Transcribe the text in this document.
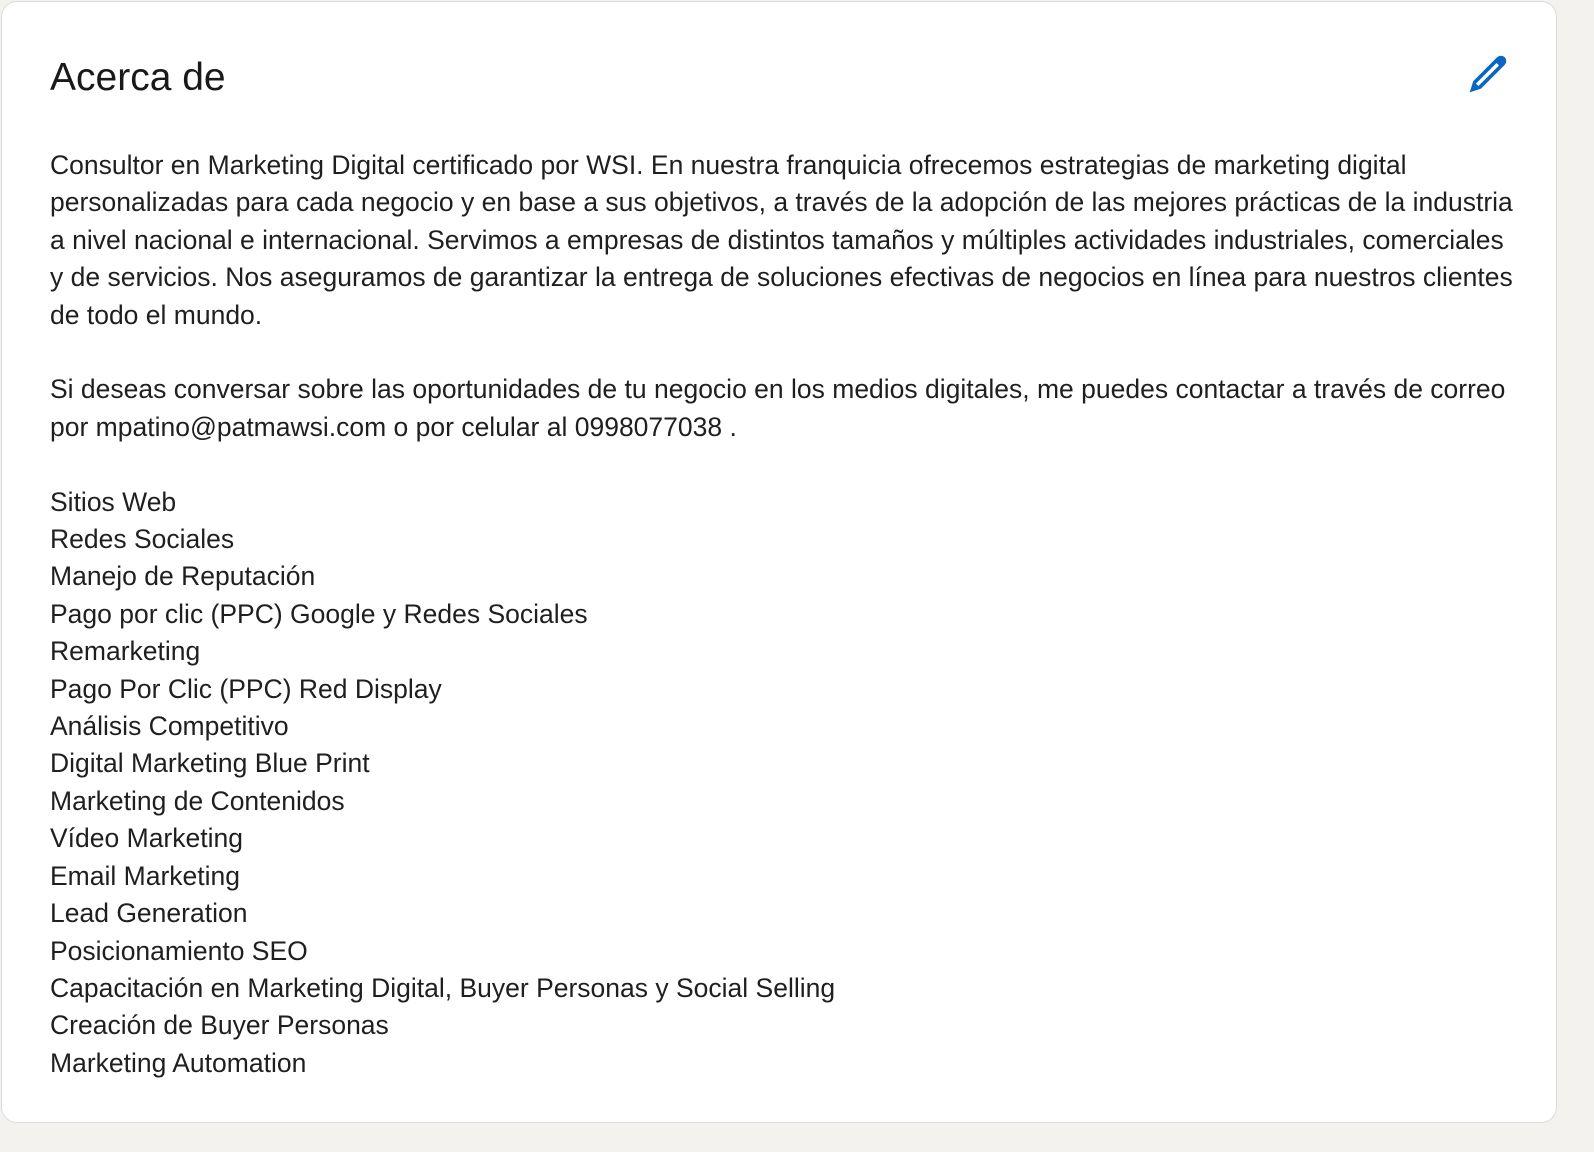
Acerca de

Consultor en Marketing Digital certificado por WSI. En nuestra franquicia ofrecemos estrategias de marketing digital personalizadas para cada negocio y en base a sus objetivos, a través de la adopción de las mejores prácticas de la industria a nivel nacional e internacional. Servimos a empresas de distintos tamaños y múltiples actividades industriales, comerciales y de servicios. Nos aseguramos de garantizar la entrega de soluciones efectivas de negocios en línea para nuestros clientes de todo el mundo.

Si deseas conversar sobre las oportunidades de tu negocio en los medios digitales, me puedes contactar a través de correo por mpatino@patmawsi.com o por celular al 0998077038 .

Sitios Web
Redes Sociales
Manejo de Reputación
Pago por clic (PPC) Google y Redes Sociales
Remarketing
Pago Por Clic (PPC) Red Display
Análisis Competitivo
Digital Marketing Blue Print
Marketing de Contenidos
Vídeo Marketing
Email Marketing
Lead Generation
Posicionamiento SEO
Capacitación en Marketing Digital, Buyer Personas y Social Selling
Creación de Buyer Personas
Marketing Automation
